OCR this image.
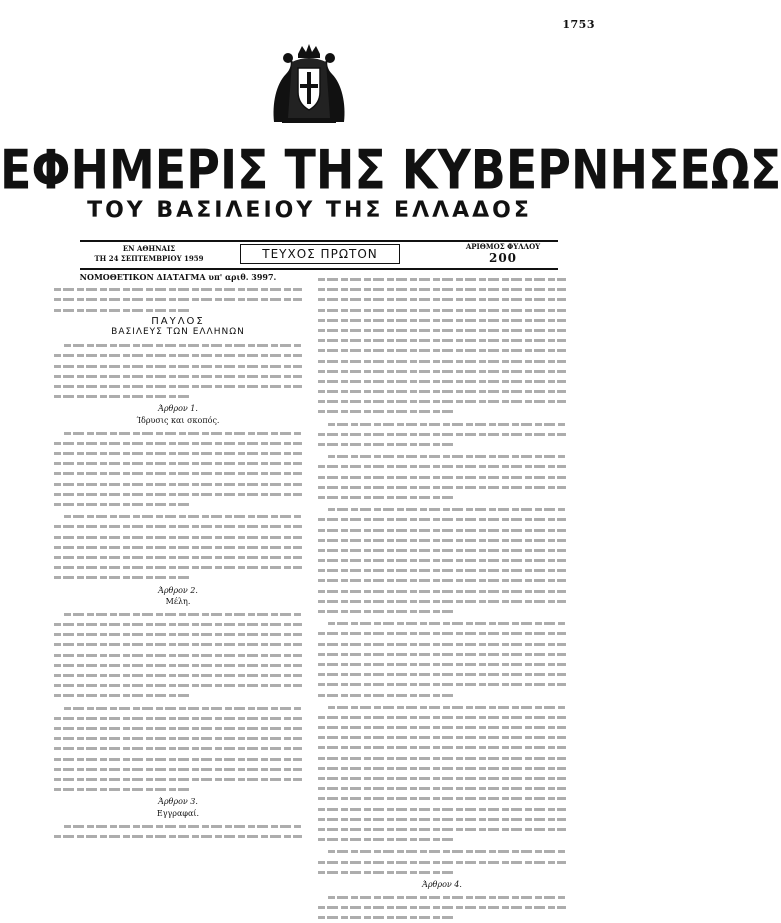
1753
ΕΦΗΜΕΡΙΣ ΤΗΣ ΚΥΒΕΡΝΗΣΕΩΣ
ΤΟΥ ΒΑΣΙΛΕΙΟΥ ΤΗΣ ΕΛΛΑΔΟΣ
ΕΝ ΑΘΗΝΑΙΣ
ΤΗ 24 ΣΕΠΤΕΜΒΡΙΟΥ 1959	ΤΕΥΧΟΣ ΠΡΩΤΟΝ
ΑΡΙΘΜΟΣ ΦΥΛΛΟΥ
200
ΝΟΜΟΘΕΤΙΚΟΝ ΔΙΑΤΑΓΜΑ υπ' αριθ. 3997.
ΠΑΥΛΟΣ
ΒΑΣΙΛΕΥΣ ΤΩΝ ΕΛΛΗΝΩΝ
Άρθρον 1.
Ίδρυσις και σκοπός.
Άρθρον 2.
Μέλη.
Άρθρον 3.
Εγγραφαί.
Άρθρον 4.
